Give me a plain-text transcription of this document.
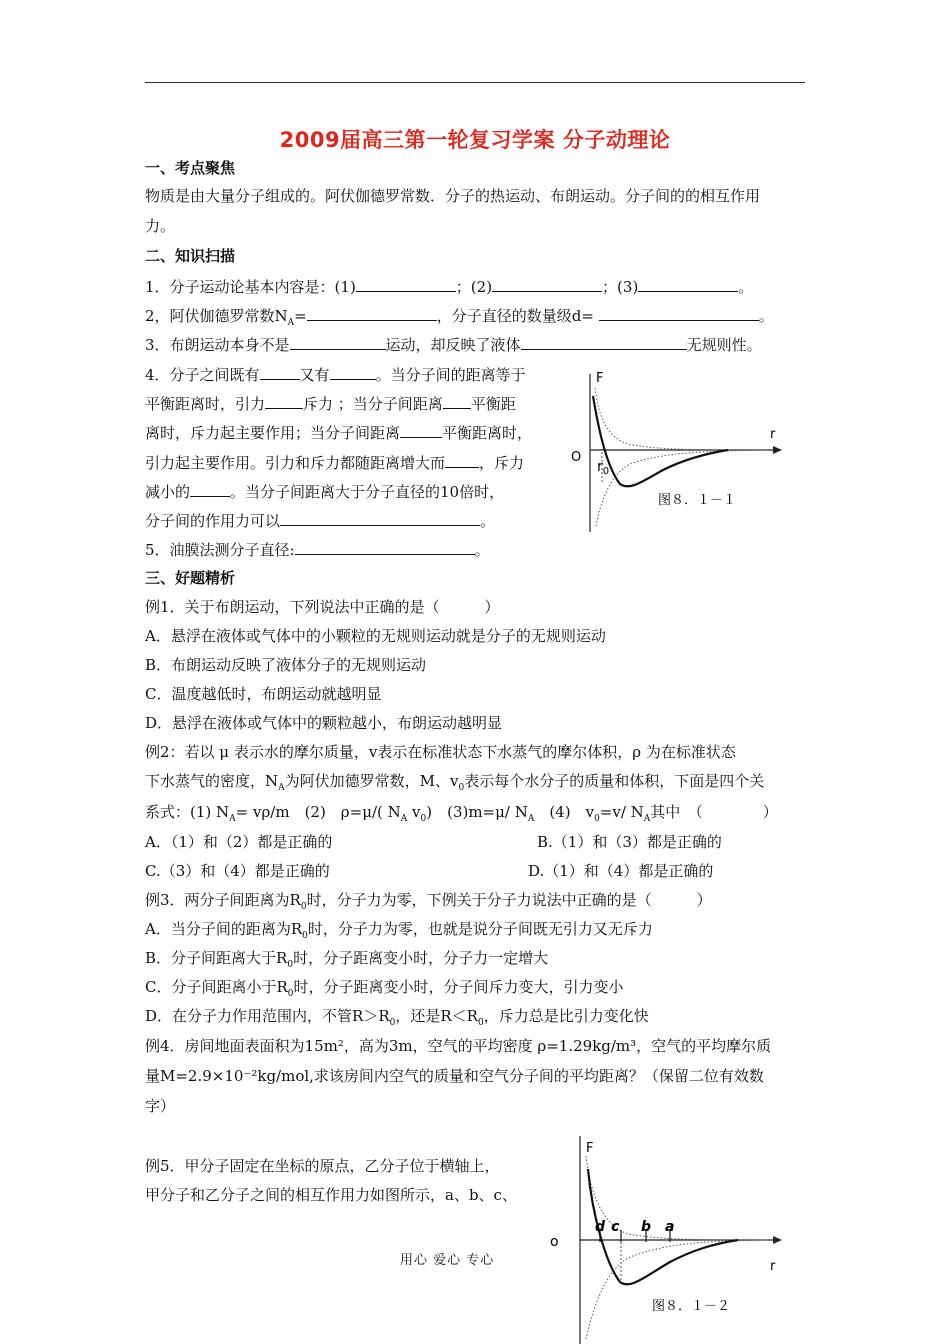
2009届高三第一轮复习学案 分子动理论
一、考点聚焦
物质是由大量分子组成的。阿伏伽德罗常数．分子的热运动、布朗运动。分子间的的相互作用
力。
二、知识扫描
1．分子运动论基本内容是：(1)	；(2)	；(3)	。
2，阿伏伽德罗常数$N_A=$	，分子直径的数量级d=	。
3．布朗运动本身不是	运动，却反映了液体	无规则性。
4．分子之间既有	又有	。当分子间的距离等于
平衡距离时，引力	斥力 ；当分子间距离 平衡距
离时，斥力起主要作用；当分子间距离	平衡距离时，
引力起主要作用。引力和斥力都随距离增大而 ，斥力
减小的	。当分子间距离大于分子直径的10倍时，
分子间的作用力可以	。
5．油膜法测分子直径:	。
F
r
O
$r_0$
图８．１－１
三、好题精析
例1．关于布朗运动，下列说法中正确的是（　　　）
A．悬浮在液体或气体中的小颗粒的无规则运动就是分子的无规则运动
B．布朗运动反映了液体分子的无规则运动
C．温度越低时，布朗运动就越明显
D．悬浮在液体或气体中的颗粒越小，布朗运动越明显
例2：若以 μ 表示水的摩尔质量，v表示在标准状态下水蒸气的摩尔体积，ρ 为在标准状态
下水蒸气的密度，$N_A$为阿伏加德罗常数，M、$v_0$表示每个水分子的质量和体积，下面是四个关
系式：(1) $N_A= v\rho/m$　(2)　ρ=μ/( $N_A$ $v_0$)　(3)m=μ/ $N_A$　(4)　$v_0=v/$ $N_A$其中　（　　　　）
A．（1）和（2）都是正确的	B.（1）和（3）都是正确的
C.（3）和（4）都是正确的	D.（1）和（4）都是正确的
例3．两分子间距离为$R_0$时，分子力为零，下例关于分子力说法中正确的是（　　　）
A．当分子间的距离为$R_0$时，分子力为零，也就是说分子间既无引力又无斥力
B．分子间距离大于$R_0$时，分子距离变小时，分子力一定增大
C．分子间距离小于$R_0$时，分子距离变小时，分子间斥力变大，引力变小
D．在分子力作用范围内，不管$R>R_0$，还是$R<R_0$，斥力总是比引力变化快
例4．房间地面表面积为15m²，高为3m，空气的平均密度 ρ=1.29kg/m³，空气的平均摩尔质
量M=2.9×10⁻²kg/mol,求该房间内空气的质量和空气分子间的平均距离？（保留二位有效数
字）
例5．甲分子固定在坐标的原点，乙分子位于横轴上，
甲分子和乙分子之间的相互作用力如图所示，a、b、c、
F
r
o
d c b a
图８．１－２
用心 爱心 专心
